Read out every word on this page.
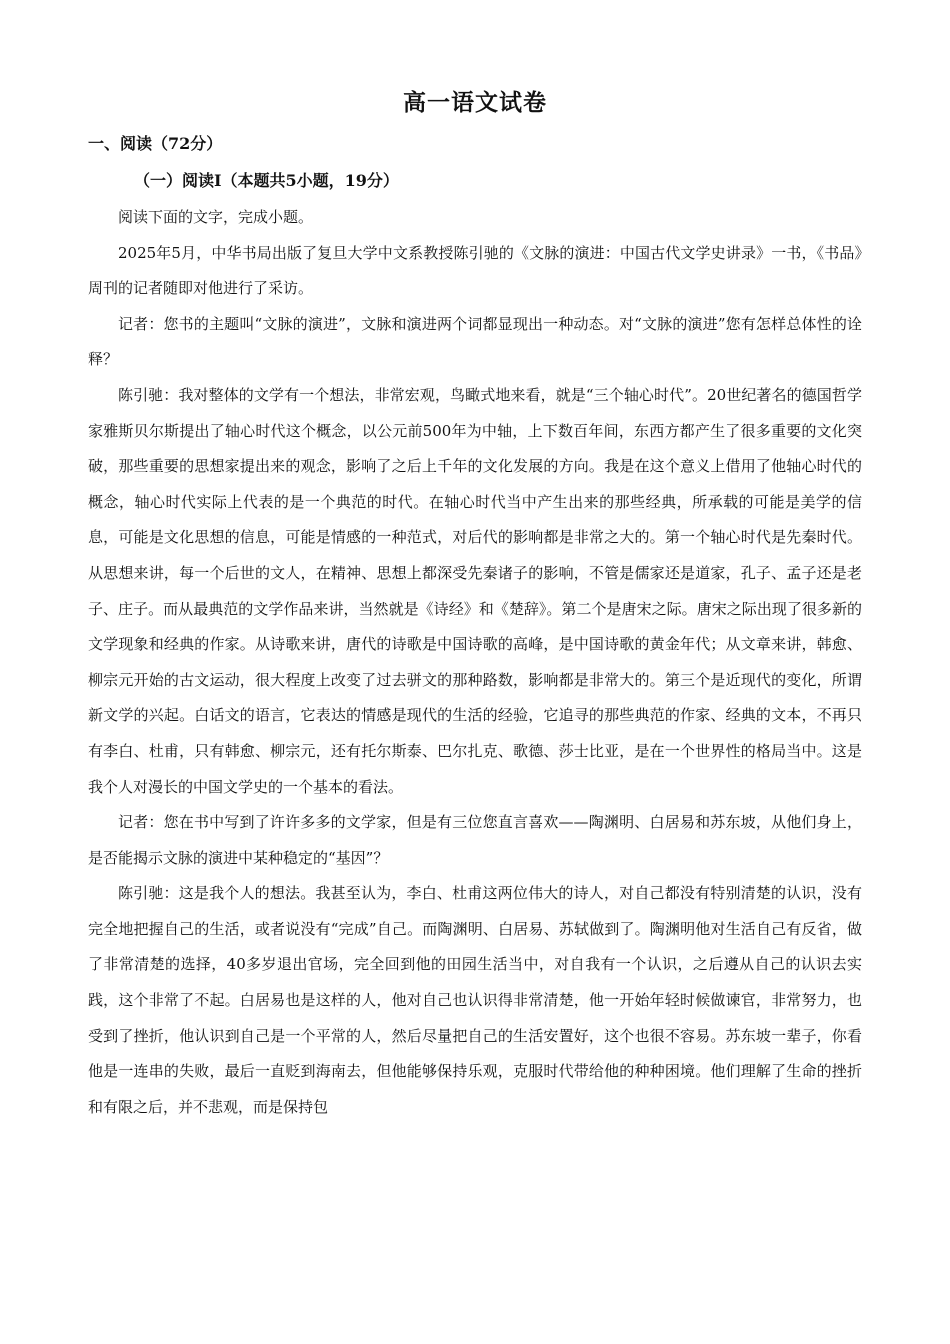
高一语文试卷
一、阅读（72分）
（一）阅读Ⅰ（本题共5小题，19分）

阅读下面的文字，完成小题。

2025年5月，中华书局出版了复旦大学中文系教授陈引驰的《文脉的演进：中国古代文学史讲录》一书，《书品》周刊的记者随即对他进行了采访。

记者：您书的主题叫“文脉的演进”，文脉和演进两个词都显现出一种动态。对“文脉的演进”您有怎样总体性的诠释？

陈引驰：我对整体的文学有一个想法，非常宏观，鸟瞰式地来看，就是“三个轴心时代”。20世纪著名的德国哲学家雅斯贝尔斯提出了轴心时代这个概念，以公元前500年为中轴，上下数百年间，东西方都产生了很多重要的文化突破，那些重要的思想家提出来的观念，影响了之后上千年的文化发展的方向。我是在这个意义上借用了他轴心时代的概念，轴心时代实际上代表的是一个典范的时代。在轴心时代当中产生出来的那些经典，所承载的可能是美学的信息，可能是文化思想的信息，可能是情感的一种范式，对后代的影响都是非常之大的。第一个轴心时代是先秦时代。从思想来讲，每一个后世的文人，在精神、思想上都深受先秦诸子的影响，不管是儒家还是道家，孔子、孟子还是老子、庄子。而从最典范的文学作品来讲，当然就是《诗经》和《楚辞》。第二个是唐宋之际。唐宋之际出现了很多新的文学现象和经典的作家。从诗歌来讲，唐代的诗歌是中国诗歌的高峰，是中国诗歌的黄金年代；从文章来讲，韩愈、柳宗元开始的古文运动，很大程度上改变了过去骈文的那种路数，影响都是非常大的。第三个是近现代的变化，所谓新文学的兴起。白话文的语言，它表达的情感是现代的生活的经验，它追寻的那些典范的作家、经典的文本，不再只有李白、杜甫，只有韩愈、柳宗元，还有托尔斯泰、巴尔扎克、歌德、莎士比亚，是在一个世界性的格局当中。这是我个人对漫长的中国文学史的一个基本的看法。

记者：您在书中写到了许许多多的文学家，但是有三位您直言喜欢——陶渊明、白居易和苏东坡，从他们身上，是否能揭示文脉的演进中某种稳定的“基因”？

陈引驰：这是我个人的想法。我甚至认为，李白、杜甫这两位伟大的诗人，对自己都没有特别清楚的认识，没有完全地把握自己的生活，或者说没有“完成”自己。而陶渊明、白居易、苏轼做到了。陶渊明他对生活自己有反省，做了非常清楚的选择，40多岁退出官场，完全回到他的田园生活当中，对自我有一个认识，之后遵从自己的认识去实践，这个非常了不起。白居易也是这样的人，他对自己也认识得非常清楚，他一开始年轻时候做谏官，非常努力，也受到了挫折，他认识到自己是一个平常的人，然后尽量把自己的生活安置好，这个也很不容易。苏东坡一辈子，你看他是一连串的失败，最后一直贬到海南去，但他能够保持乐观，克服时代带给他的种种困境。他们理解了生命的挫折和有限之后，并不悲观，而是保持包
